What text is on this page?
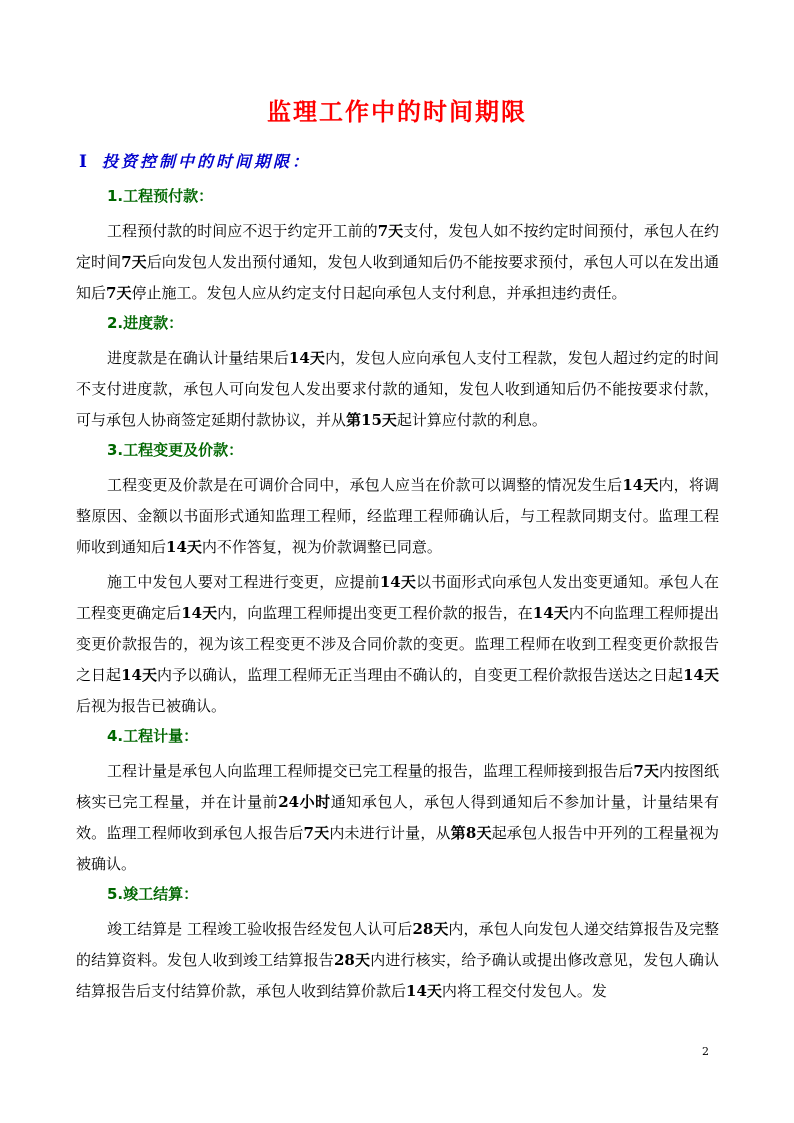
监理工作中的时间期限
Ⅰ 投资控制中的时间期限：
1.工程预付款：

工程预付款的时间应不迟于约定开工前的7天支付，发包人如不按约定时间预付，承包人在约定时间7天后向发包人发出预付通知，发包人收到通知后仍不能按要求预付，承包人可以在发出通知后7天停止施工。发包人应从约定支付日起向承包人支付利息，并承担违约责任。

2.进度款：

进度款是在确认计量结果后14天内，发包人应向承包人支付工程款，发包人超过约定的时间不支付进度款，承包人可向发包人发出要求付款的通知，发包人收到通知后仍不能按要求付款，可与承包人协商签定延期付款协议，并从第15天起计算应付款的利息。

3.工程变更及价款：

工程变更及价款是在可调价合同中，承包人应当在价款可以调整的情况发生后14天内，将调整原因、金额以书面形式通知监理工程师，经监理工程师确认后，与工程款同期支付。监理工程师收到通知后14天内不作答复，视为价款调整已同意。

施工中发包人要对工程进行变更，应提前14天以书面形式向承包人发出变更通知。承包人在工程变更确定后14天内，向监理工程师提出变更工程价款的报告，在14天内不向监理工程师提出变更价款报告的，视为该工程变更不涉及合同价款的变更。监理工程师在收到工程变更价款报告之日起14天内予以确认，监理工程师无正当理由不确认的，自变更工程价款报告送达之日起14天后视为报告已被确认。

4.工程计量：

工程计量是承包人向监理工程师提交已完工程量的报告，监理工程师接到报告后7天内按图纸核实已完工程量，并在计量前24小时通知承包人，承包人得到通知后不参加计量，计量结果有效。监理工程师收到承包人报告后7天内未进行计量，从第8天起承包人报告中开列的工程量视为被确认。

5.竣工结算：

竣工结算是 工程竣工验收报告经发包人认可后28天内，承包人向发包人递交结算报告及完整的结算资料。发包人收到竣工结算报告28天内进行核实，给予确认或提出修改意见，发包人确认结算报告后支付结算价款，承包人收到结算价款后14天内将工程交付发包人。发

2
